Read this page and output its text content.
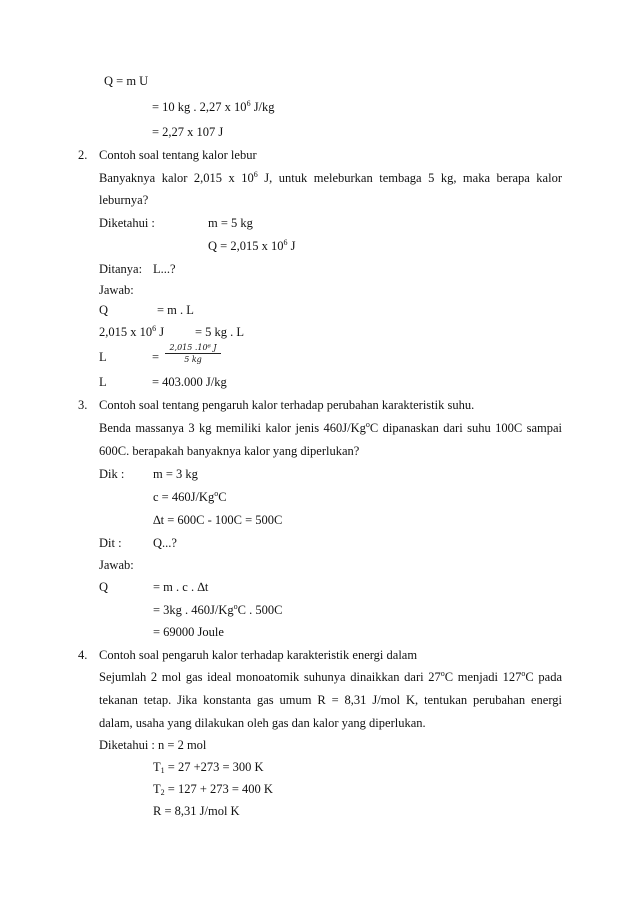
Q = m U
= 10 kg . 2,27 x $10^6$ J/kg
= 2,27 x 107 J
2. Contoh soal tentang kalor lebur
Banyaknya kalor 2,015 x $10^6$ J, untuk meleburkan tembaga 5 kg, maka berapa kalor
leburnya?
Diketahui :	m = 5 kg
Q = 2,015 x $10^6$ J
Ditanya: L...?
Jawab:
Q	= m . L
2,015 x $10^6$ J = 5 kg . L
L	=
2,015 .10⁶ J
5 kg
L	= 403.000 J/kg
3. Contoh soal tentang pengaruh kalor terhadap perubahan karakteristik suhu.
Benda massanya 3 kg memiliki kalor jenis 460J/Kg$^o$C dipanaskan dari suhu 100C sampai
600C. berapakah banyaknya kalor yang diperlukan?
Dik : m = 3 kg
$c = 460J/Kg^oC$
∆t = 600C - 100C = 500C
Dit :	Q...?
Jawab:
Q	= m . c . ∆t
= 3kg . 460J/Kg$^o$C . 500C
= 69000 Joule
4. Contoh soal pengaruh kalor terhadap karakteristik energi dalam
Sejumlah 2 mol gas ideal monoatomik suhunya dinaikkan dari 27$^o$C menjadi 127$^o$C pada
tekanan tetap. Jika konstanta gas umum R = 8,31 J/mol K, tentukan perubahan energi
dalam, usaha yang dilakukan oleh gas dan kalor yang diperlukan.
Diketahui : n = 2 mol
$T_1 = 27 +273 = 300$ K
$T_2 = 127 + 273 = 400$ K
R = 8,31 J/mol K
